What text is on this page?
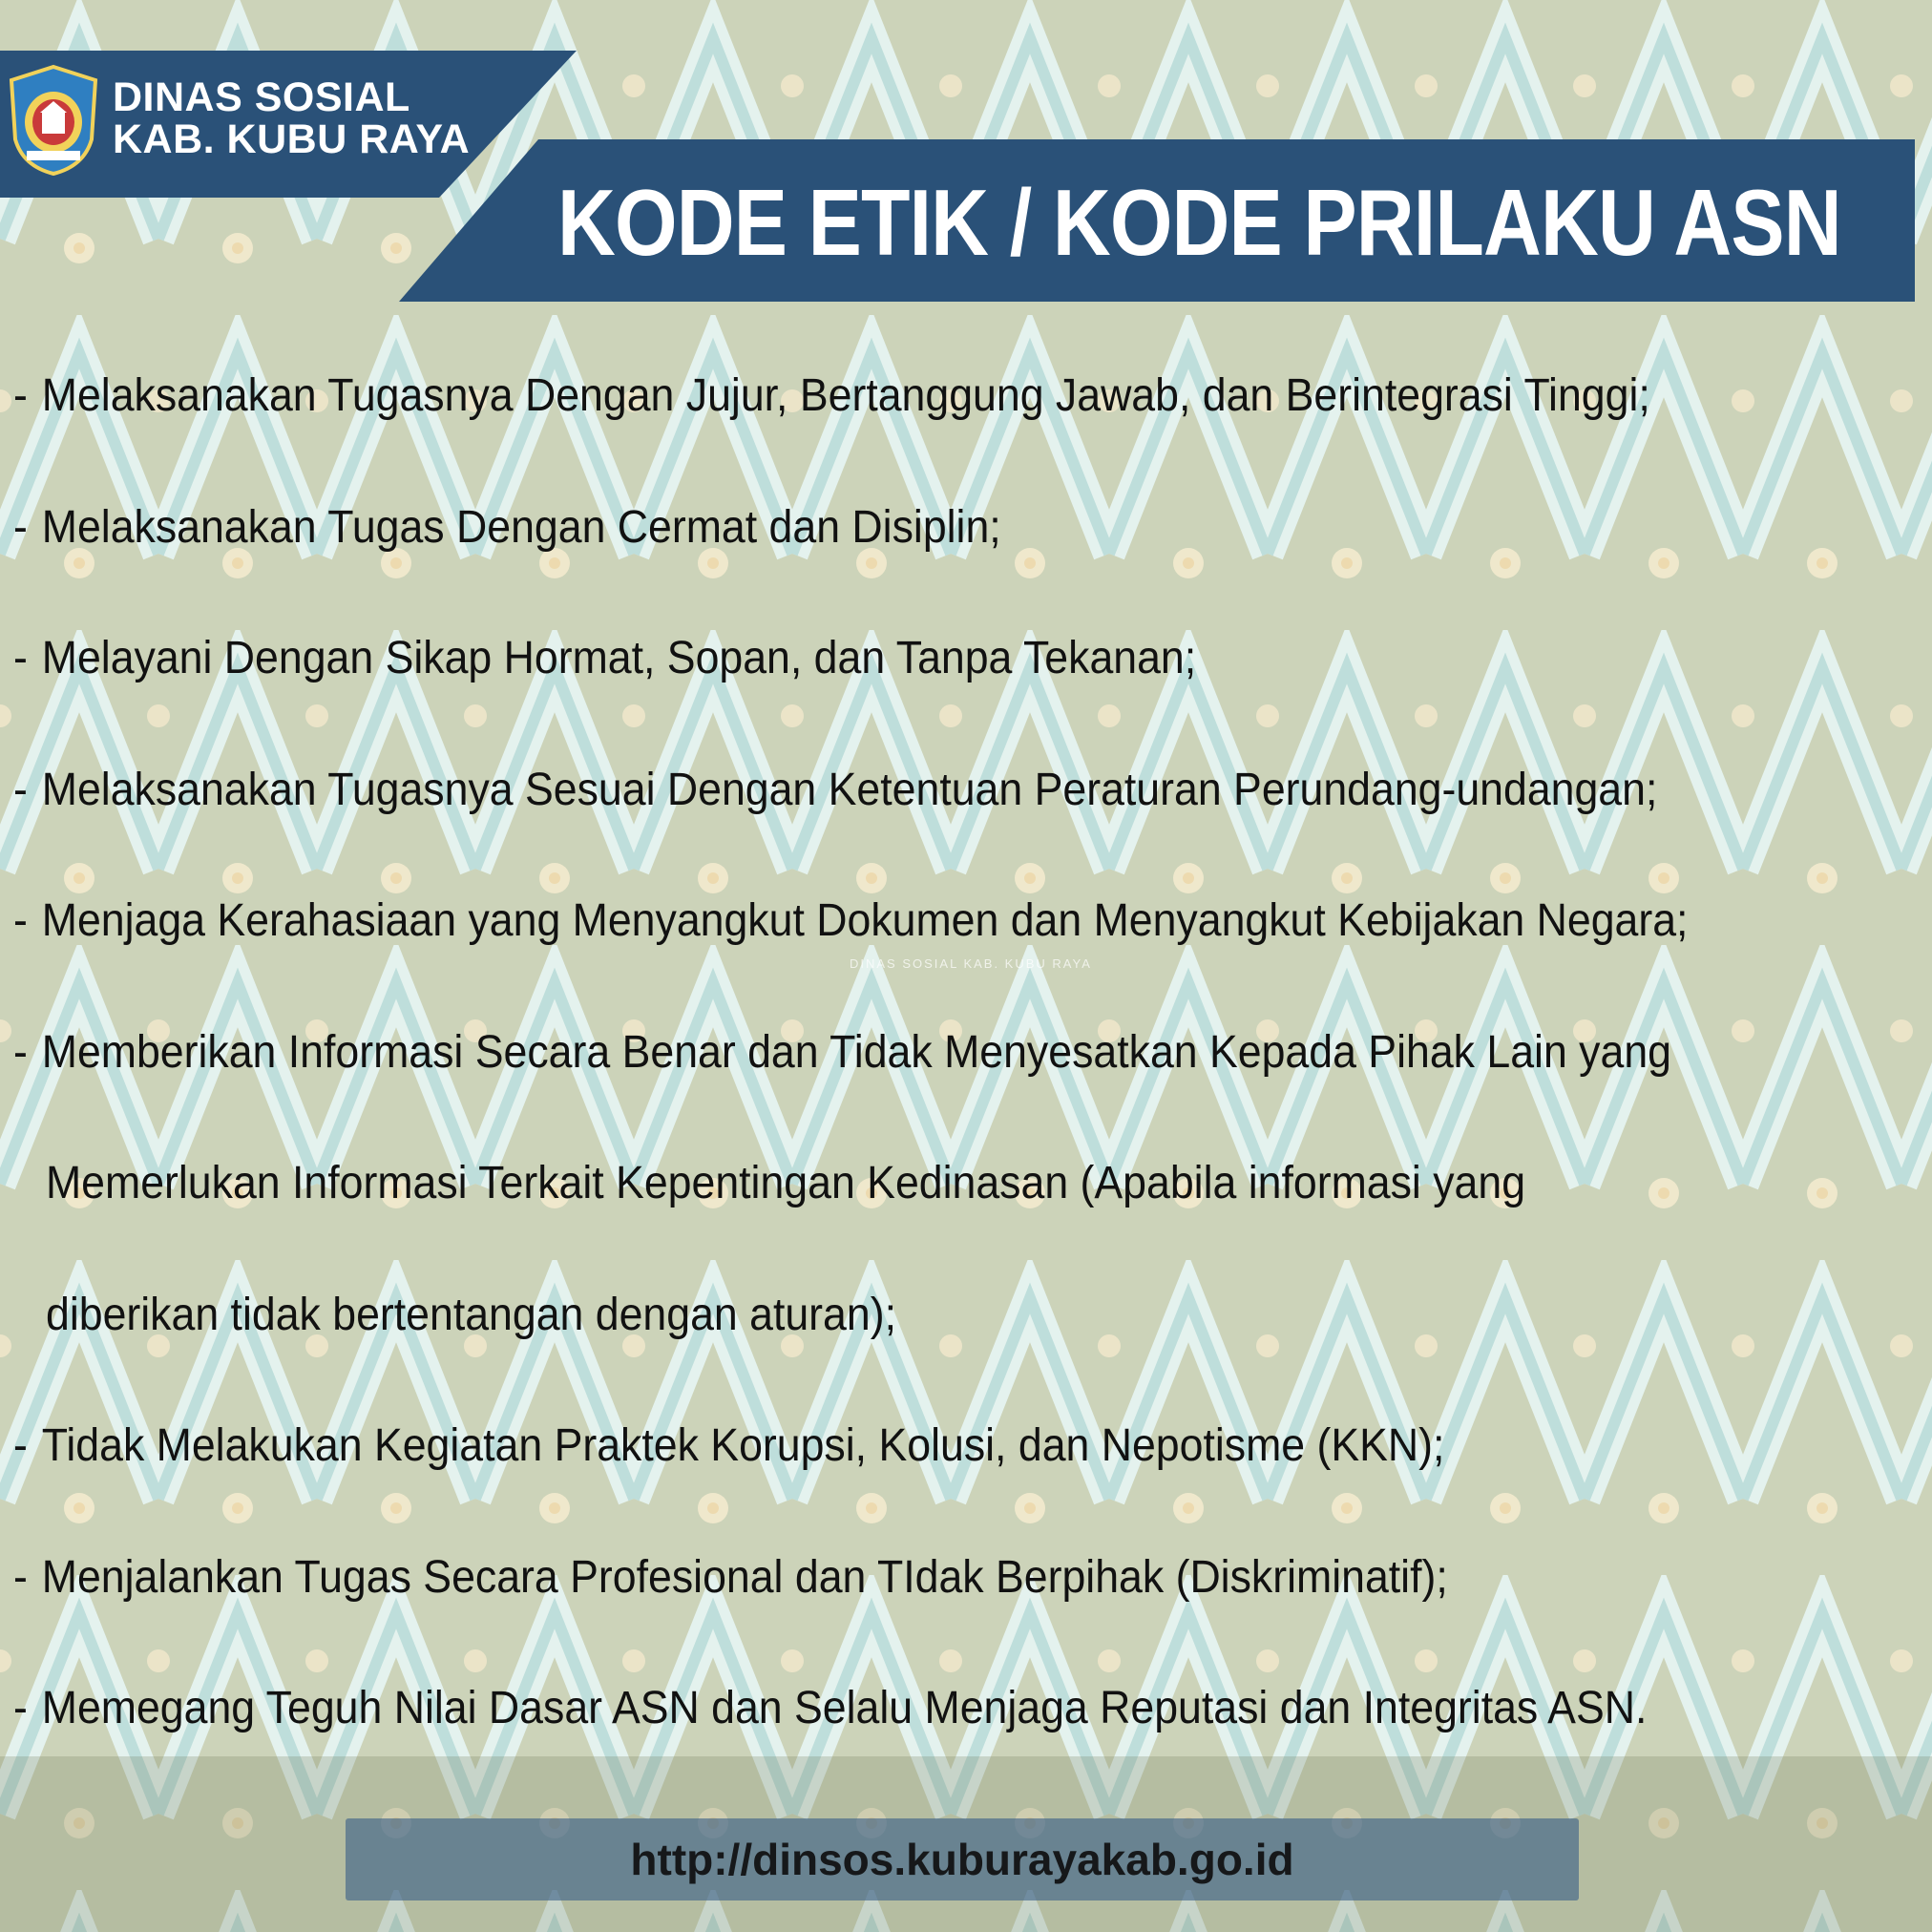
DINAS SOSIAL
KAB. KUBU RAYA
KODE ETIK / KODE PRILAKU ASN
DINAS SOSIAL KAB. KUBU RAYA
- Melaksanakan Tugasnya Dengan Jujur, Bertanggung Jawab, dan Berintegrasi Tinggi;
- Melaksanakan Tugas Dengan Cermat dan Disiplin;
- Melayani Dengan Sikap Hormat, Sopan, dan Tanpa Tekanan;
- Melaksanakan Tugasnya Sesuai Dengan Ketentuan Peraturan Perundang-undangan;
- Menjaga Kerahasiaan yang Menyangkut Dokumen dan Menyangkut Kebijakan Negara;
- Memberikan Informasi Secara Benar dan Tidak Menyesatkan Kepada Pihak Lain yang
Memerlukan Informasi Terkait Kepentingan Kedinasan (Apabila informasi yang
diberikan tidak bertentangan dengan aturan);
- Tidak Melakukan Kegiatan Praktek Korupsi, Kolusi, dan Nepotisme (KKN);
- Menjalankan Tugas Secara Profesional dan TIdak Berpihak (Diskriminatif);
- Memegang Teguh Nilai Dasar ASN dan Selalu Menjaga Reputasi dan Integritas ASN.
http://dinsos.kuburayakab.go.id
